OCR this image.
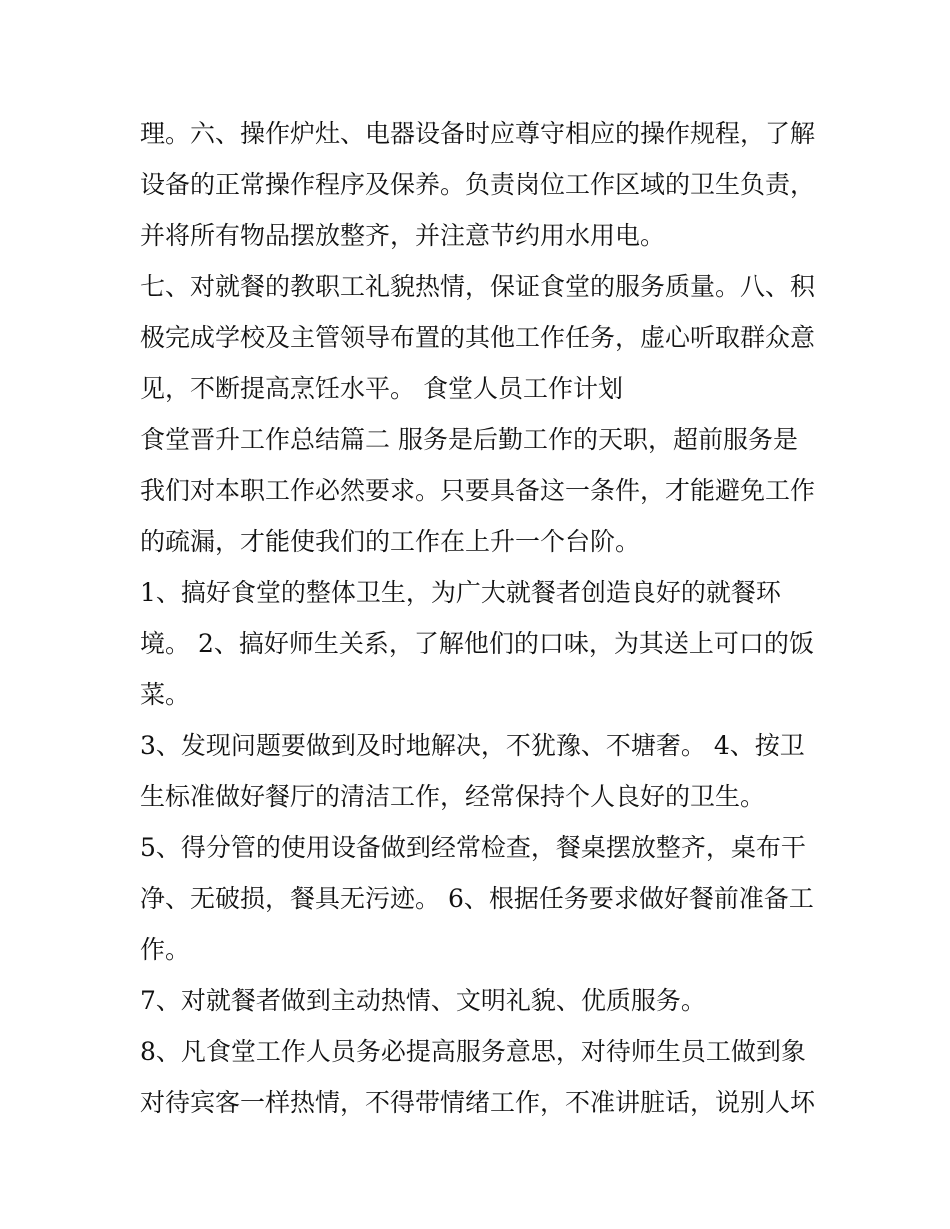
理。六、操作炉灶、电器设备时应尊守相应的操作规程，了解
设备的正常操作程序及保养。负责岗位工作区域的卫生负责，
并将所有物品摆放整齐，并注意节约用水用电。
七、对就餐的教职工礼貌热情，保证食堂的服务质量。八、积
极完成学校及主管领导布置的其他工作任务，虚心听取群众意
见，不断提高烹饪水平。 食堂人员工作计划
食堂晋升工作总结篇二 服务是后勤工作的天职，超前服务是
我们对本职工作必然要求。只要具备这一条件，才能避免工作
的疏漏，才能使我们的工作在上升一个台阶。
1、搞好食堂的整体卫生，为广大就餐者创造良好的就餐环
境。 2、搞好师生关系，了解他们的口味，为其送上可口的饭
菜。
3、发现问题要做到及时地解决，不犹豫、不塘奢。 4、按卫
生标准做好餐厅的清洁工作，经常保持个人良好的卫生。
5、得分管的使用设备做到经常检查，餐桌摆放整齐，桌布干
净、无破损，餐具无污迹。 6、根据任务要求做好餐前准备工
作。
7、对就餐者做到主动热情、文明礼貌、优质服务。
8、凡食堂工作人员务必提高服务意思，对待师生员工做到象
对待宾客一样热情，不得带情绪工作，不准讲脏话，说别人坏
